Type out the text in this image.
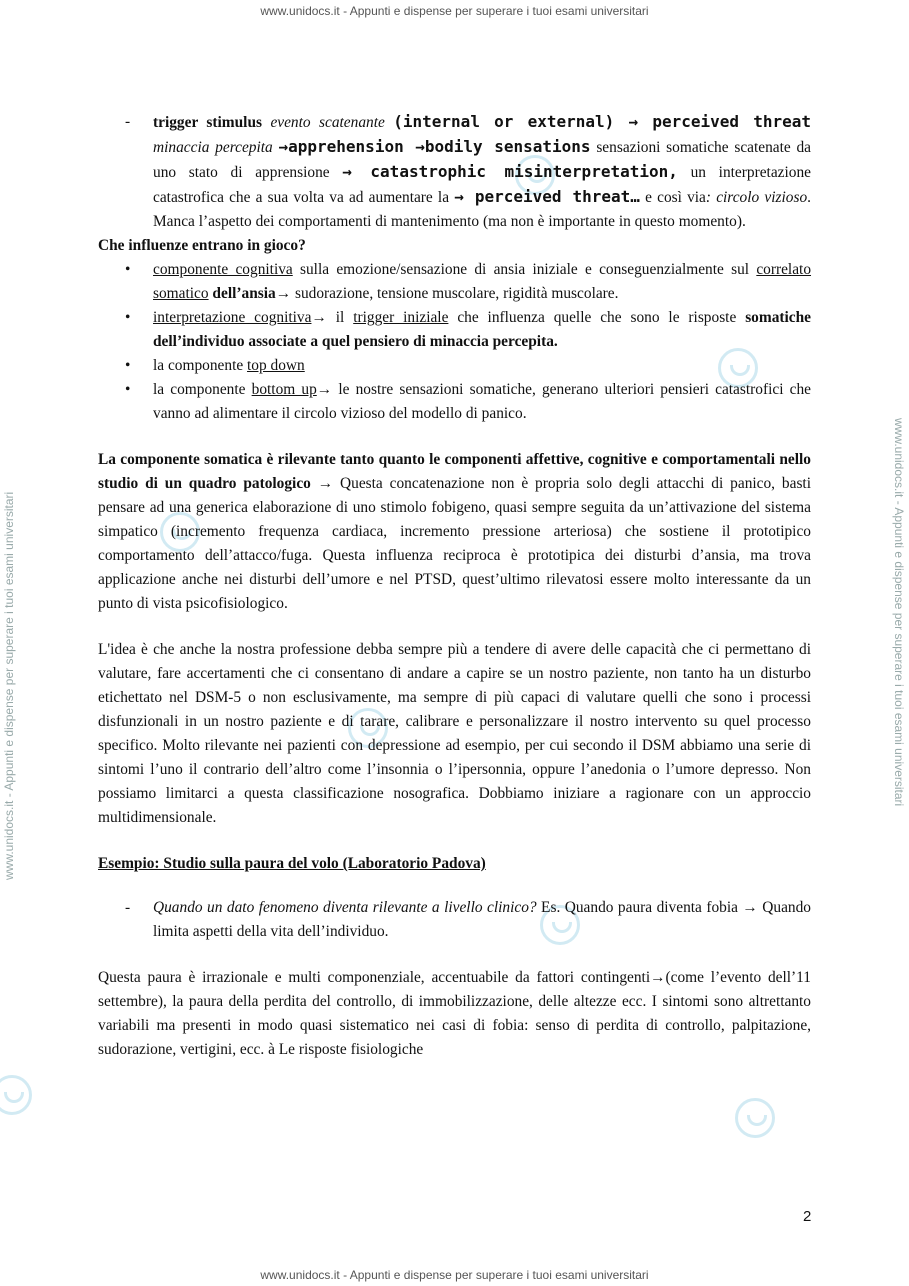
www.unidocs.it - Appunti e dispense per superare i tuoi esami universitari
www.unidocs.it - Appunti e dispense per superare i tuoi esami universitari	www.unidocs.it - Appunti e dispense per superare i tuoi esami universitari
- trigger stimulus evento scatenante (internal or external) → perceived threat minaccia percepita →apprehension →bodily sensations sensazioni somatiche scatenate da uno stato di apprensione → catastrophic misinterpretation, un interpretazione catastrofica che a sua volta va ad aumentare la → perceived threat… e così via: circolo vizioso. Manca l’aspetto dei comportamenti di mantenimento (ma non è importante in questo momento).
Che influenze entrano in gioco?
• componente cognitiva sulla emozione/sensazione di ansia iniziale e conseguenzialmente sul correlato somatico dell’ansia→ sudorazione, tensione muscolare, rigidità muscolare.
• interpretazione cognitiva→ il trigger iniziale che influenza quelle che sono le risposte somatiche dell’individuo associate a quel pensiero di minaccia percepita.
• la componente top down
• la componente bottom up→ le nostre sensazioni somatiche, generano ulteriori pensieri catastrofici che vanno ad alimentare il circolo vizioso del modello di panico.

La componente somatica è rilevante tanto quanto le componenti affettive, cognitive e comportamentali nello studio di un quadro patologico → Questa concatenazione non è propria solo degli attacchi di panico, basti pensare ad una generica elaborazione di uno stimolo fobigeno, quasi sempre seguita da un’attivazione del sistema simpatico (incremento frequenza cardiaca, incremento pressione arteriosa) che sostiene il prototipico comportamento dell’attacco/fuga. Questa influenza reciproca è prototipica dei disturbi d’ansia, ma trova applicazione anche nei disturbi dell’umore e nel PTSD, quest’ultimo rilevatosi essere molto interessante da un punto di vista psicofisiologico.

L'idea è che anche la nostra professione debba sempre più a tendere di avere delle capacità che ci permettano di valutare, fare accertamenti che ci consentano di andare a capire se un nostro paziente, non tanto ha un disturbo etichettato nel DSM-5 o non esclusivamente, ma sempre di più capaci di valutare quelli che sono i processi disfunzionali in un nostro paziente e di tarare, calibrare e personalizzare il nostro intervento su quel processo specifico. Molto rilevante nei pazienti con depressione ad esempio, per cui secondo il DSM abbiamo una serie di sintomi l’uno il contrario dell’altro come l’insonnia o l’ipersonnia, oppure l’anedonia o l’umore depresso. Non possiamo limitarci a questa classificazione nosografica. Dobbiamo iniziare a ragionare con un approccio multidimensionale.

Esempio: Studio sulla paura del volo (Laboratorio Padova)
- Quando un dato fenomeno diventa rilevante a livello clinico? Es. Quando paura diventa fobia → Quando limita aspetti della vita dell’individuo.

Questa paura è irrazionale e multi componenziale, accentuabile da fattori contingenti→(come l’evento dell’11 settembre), la paura della perdita del controllo, di immobilizzazione, delle altezze ecc. I sintomi sono altrettanto variabili ma presenti in modo quasi sistematico nei casi di fobia: senso di perdita di controllo, palpitazione, sudorazione, vertigini, ecc. à Le risposte fisiologiche

2
www.unidocs.it - Appunti e dispense per superare i tuoi esami universitari
